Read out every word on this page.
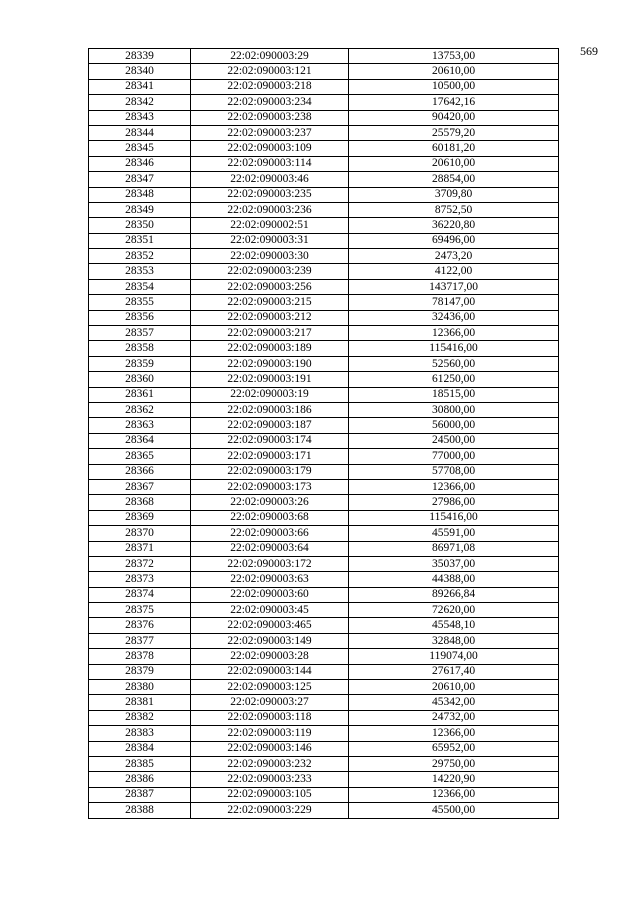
569
28339	22:02:090003:29	13753,00
28340	22:02:090003:121	20610,00
28341	22:02:090003:218	10500,00
28342	22:02:090003:234	17642,16
28343	22:02:090003:238	90420,00
28344	22:02:090003:237	25579,20
28345	22:02:090003:109	60181,20
28346	22:02:090003:114	20610,00
28347	22:02:090003:46	28854,00
28348	22:02:090003:235	3709,80
28349	22:02:090003:236	8752,50
28350	22:02:090002:51	36220,80
28351	22:02:090003:31	69496,00
28352	22:02:090003:30	2473,20
28353	22:02:090003:239	4122,00
28354	22:02:090003:256	143717,00
28355	22:02:090003:215	78147,00
28356	22:02:090003:212	32436,00
28357	22:02:090003:217	12366,00
28358	22:02:090003:189	115416,00
28359	22:02:090003:190	52560,00
28360	22:02:090003:191	61250,00
28361	22:02:090003:19	18515,00
28362	22:02:090003:186	30800,00
28363	22:02:090003:187	56000,00
28364	22:02:090003:174	24500,00
28365	22:02:090003:171	77000,00
28366	22:02:090003:179	57708,00
28367	22:02:090003:173	12366,00
28368	22:02:090003:26	27986,00
28369	22:02:090003:68	115416,00
28370	22:02:090003:66	45591,00
28371	22:02:090003:64	86971,08
28372	22:02:090003:172	35037,00
28373	22:02:090003:63	44388,00
28374	22:02:090003:60	89266,84
28375	22:02:090003:45	72620,00
28376	22:02:090003:465	45548,10
28377	22:02:090003:149	32848,00
28378	22:02:090003:28	119074,00
28379	22:02:090003:144	27617,40
28380	22:02:090003:125	20610,00
28381	22:02:090003:27	45342,00
28382	22:02:090003:118	24732,00
28383	22:02:090003:119	12366,00
28384	22:02:090003:146	65952,00
28385	22:02:090003:232	29750,00
28386	22:02:090003:233	14220,90
28387	22:02:090003:105	12366,00
28388	22:02:090003:229	45500,00
